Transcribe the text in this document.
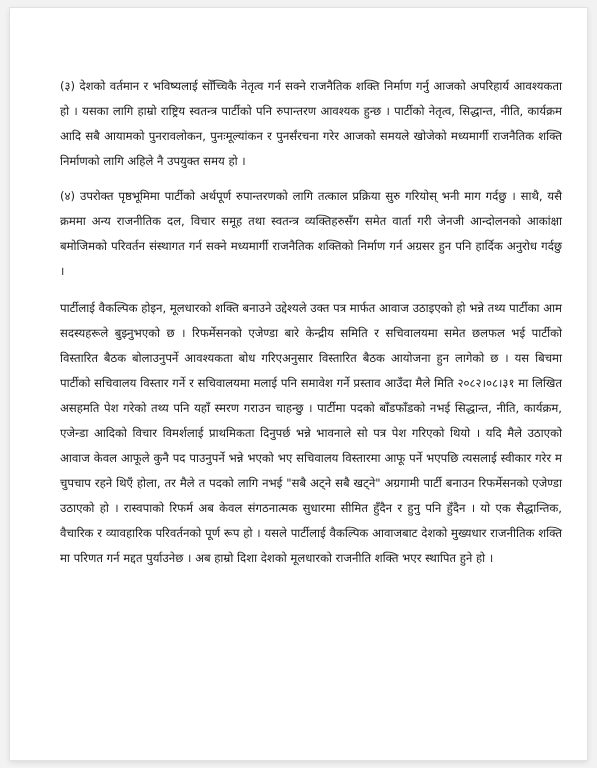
(३) देशको वर्तमान र भविष्यलाई सोँच्चिकै नेतृत्व गर्न सक्ने राजनैतिक शक्ति निर्माण गर्नु आजको अपरिहार्य आवश्यकता हो । यसका लागि हाम्रो राष्ट्रिय स्वतन्त्र पार्टीको पनि रुपान्तरण आवश्यक हुन्छ । पार्टीको नेतृत्व, सिद्धान्त, नीति, कार्यक्रम आदि सबै आयामको पुनरावलोकन, पुनःमूल्यांकन र पुनर्संरचना गरेर आजको समयले खोजेको मध्यमार्गी राजनैतिक शक्ति निर्माणको लागि अहिले नै उपयुक्त समय हो ।

(४) उपरोक्त पृष्ठभूमिमा पार्टीको अर्थपूर्ण रुपान्तरणको लागि तत्काल प्रक्रिया सुरु गरियोस् भनी माग गर्दछु । साथै, यसै क्रममा अन्य राजनीतिक दल, विचार समूह तथा स्वतन्त्र व्यक्तिहरुसँग समेत वार्ता गरी जेनजी आन्दोलनको आकांक्षा बमोजिमको परिवर्तन संस्थागत गर्न सक्ने मध्यमार्गी राजनैतिक शक्तिको निर्माण गर्न अग्रसर हुन पनि हार्दिक अनुरोध गर्दछु ।

पार्टीलाई वैकल्पिक होइन, मूलधारको शक्ति बनाउने उद्देश्यले उक्त पत्र मार्फत आवाज उठाइएको हो भन्ने तथ्य पार्टीका आम सदस्यहरूले बुझ्नुभएको छ । रिफर्मेसनको एजेण्डा बारे केन्द्रीय समिति र सचिवालयमा समेत छलफल भई पार्टीको विस्तारित बैठक बोलाउनुपर्ने आवश्यकता बोध गरिएअनुसार विस्तारित बैठक आयोजना हुन लागेको छ । यस बिचमा पार्टीको सचिवालय विस्तार गर्ने र सचिवालयमा मलाई पनि समावेश गर्ने प्रस्ताव आउँदा मैले मिति २०८२।०८।३१ मा लिखित असहमति पेश गरेको तथ्य पनि यहाँ स्मरण गराउन चाहन्छु । पार्टीमा पदको बाँडफाँडको नभई सिद्धान्त, नीति, कार्यक्रम, एजेन्डा आदिको विचार विमर्शलाई प्राथमिकता दिनुपर्छ भन्ने भावनाले सो पत्र पेश गरिएको थियो । यदि मैले उठाएको आवाज केवल आफूले कुनै पद पाउनुपर्ने भन्ने भएको भए सचिवालय विस्तारमा आफू पर्ने भएपछि त्यसलाई स्वीकार गरेर म चुपचाप रहने थिएँ होला, तर मैले त पदको लागि नभई "सबै अट्ने सबै खट्ने" अग्रगामी पार्टी बनाउन रिफर्मेसनको एजेण्डा उठाएको हो । रास्वपाको रिफर्म अब केवल संगठनात्मक सुधारमा सीमित हुँदैन र हुनु पनि हुँदैन । यो एक सैद्धान्तिक, वैचारिक र व्यावहारिक परिवर्तनको पूर्ण रूप हो । यसले पार्टीलाई वैकल्पिक आवाजबाट देशको मुख्यधार राजनीतिक शक्ति मा परिणत गर्न मद्दत पुर्याउनेछ । अब हाम्रो दिशा देशको मूलधारको राजनीति शक्ति भएर स्थापित हुने हो ।
